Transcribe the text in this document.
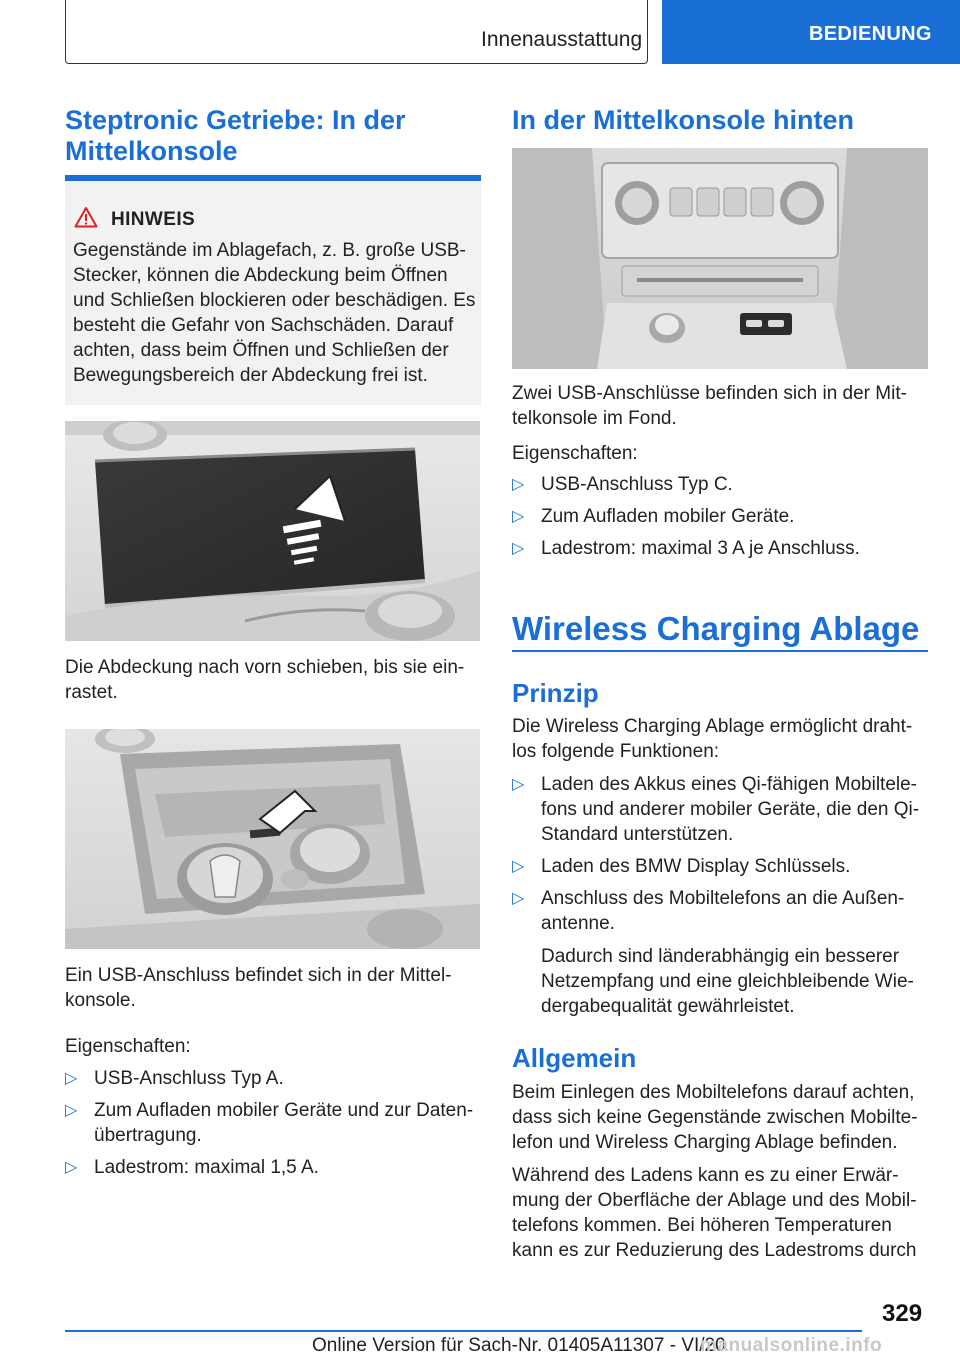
Innenausstattung	BEDIENUNG
Steptronic Getriebe: In der Mittelkonsole
HINWEIS
Gegenstände im Ablagefach, z. B. große USB-
Stecker, können die Abdeckung beim Öffnen
und Schließen blockieren oder beschädigen. Es
besteht die Gefahr von Sachschäden. Darauf
achten, dass beim Öffnen und Schließen der
Bewegungsbereich der Abdeckung frei ist.

Die Abdeckung nach vorn schieben, bis sie ein-

rastet.

Ein USB-Anschluss befindet sich in der Mittel-

konsole.

Eigenschaften:

▷ USB-Anschluss Typ A.
▷ Zum Aufladen mobiler Geräte und zur Daten-
übertragung.
▷ Ladestrom: maximal 1,5 A.
In der Mittelkonsole hinten

Zwei USB-Anschlüsse befinden sich in der Mit-

telkonsole im Fond.

Eigenschaften:

▷ USB-Anschluss Typ C.
▷ Zum Aufladen mobiler Geräte.
▷ Ladestrom: maximal 3 A je Anschluss.
Wireless Charging Ablage
Prinzip

Die Wireless Charging Ablage ermöglicht draht-

los folgende Funktionen:

▷ Laden des Akkus eines Qi-fähigen Mobiltele-
fons und anderer mobiler Geräte, die den Qi-
Standard unterstützen.
▷ Laden des BMW Display Schlüssels.
▷ Anschluss des Mobiltelefons an die Außen-
antenne.

Dadurch sind länderabhängig ein besserer

Netzempfang und eine gleichbleibende Wie-

dergabequalität gewährleistet.

Allgemein

Beim Einlegen des Mobiltelefons darauf achten,

dass sich keine Gegenstände zwischen Mobilte-

lefon und Wireless Charging Ablage befinden.

Während des Ladens kann es zu einer Erwär-

mung der Oberfläche der Ablage und des Mobil-

telefons kommen. Bei höheren Temperaturen

kann es zur Reduzierung des Ladestroms durch

329
Online Version für Sach-Nr. 01405A11307 - VI/20
manualsonline.info
